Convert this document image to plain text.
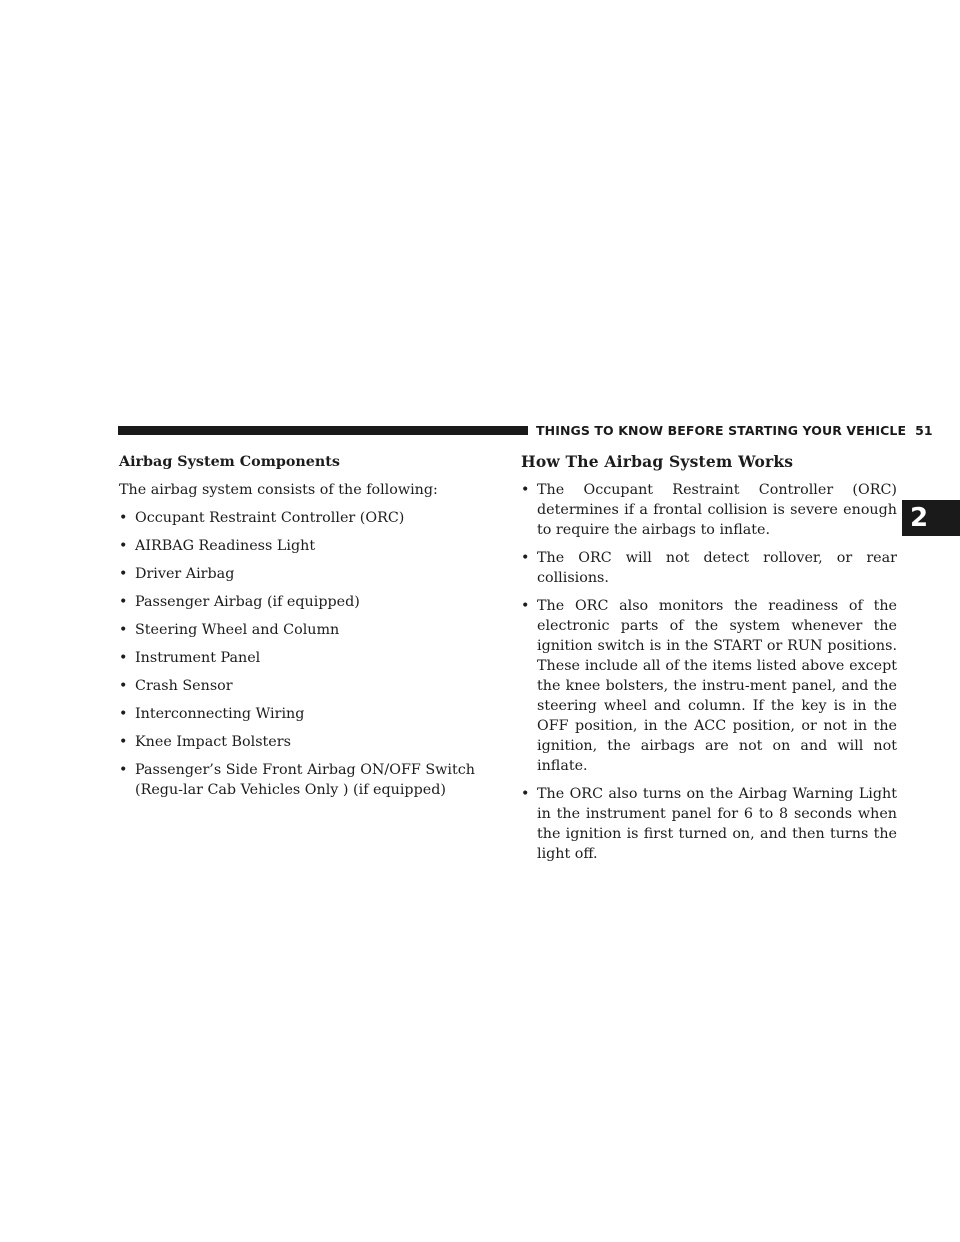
THINGS TO KNOW BEFORE STARTING YOUR VEHICLE 51
2

Airbag System Components

The airbag system consists of the following:

• Occupant Restraint Controller (ORC)
• AIRBAG Readiness Light
• Driver Airbag
• Passenger Airbag (if equipped)
• Steering Wheel and Column
• Instrument Panel
• Crash Sensor
• Interconnecting Wiring
• Knee Impact Bolsters
• Passenger’s Side Front Airbag ON/OFF Switch (Regu-lar Cab Vehicles Only ) (if equipped)

How The Airbag System Works

• The Occupant Restraint Controller (ORC) determines if a frontal collision is severe enough to require the airbags to inflate.
• The ORC will not detect rollover, or rear collisions.
• The ORC also monitors the readiness of the electronic parts of the system whenever the ignition switch is in the START or RUN positions. These include all of the items listed above except the knee bolsters, the instru-ment panel, and the steering wheel and column. If the key is in the OFF position, in the ACC position, or not in the ignition, the airbags are not on and will not inflate.
• The ORC also turns on the Airbag Warning Light in the instrument panel for 6 to 8 seconds when the ignition is first turned on, and then turns the light off.
